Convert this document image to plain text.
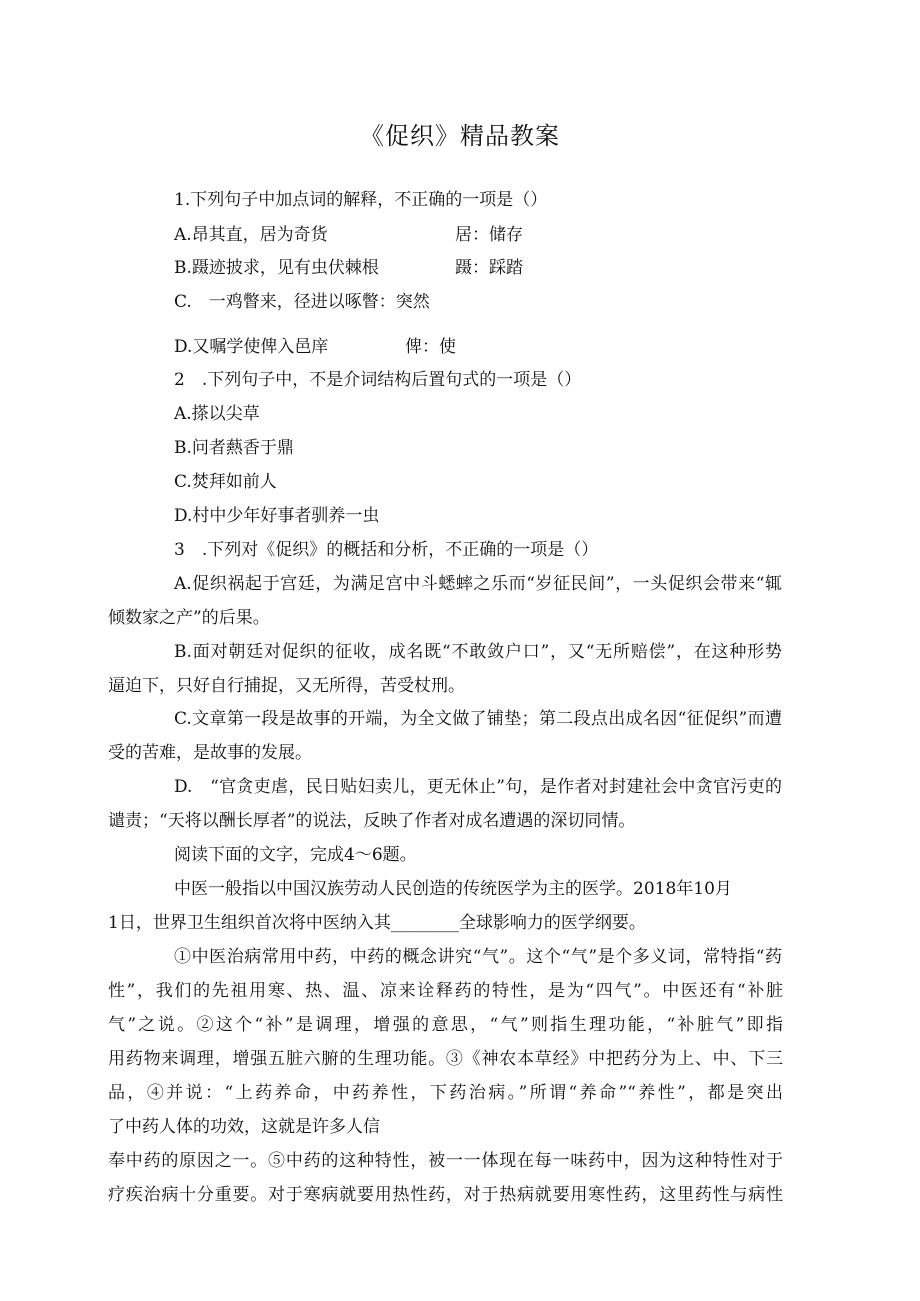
《促织》精品教案
1.下列句子中加点词的解释，不正确的一项是（）
A.昂其直，居为奇货	居：储存
B.蹑迹披求，见有虫伏棘根	蹑：踩踏
C.　一鸡瞥来，径进以啄瞥：突然
D.又嘱学使俾入邑庠	俾：使
2　.下列句子中，不是介词结构后置句式的一项是（）
A.搽以尖草
B.问者爇香于鼎
C.焚拜如前人
D.村中少年好事者驯养一虫
3　.下列对《促织》的概括和分析，不正确的一项是（）
A.促织祸起于宫廷，为满足宫中斗蟋蟀之乐而“岁征民间”，一头促织会带来“辄
倾数家之产”的后果。
B.面对朝廷对促织的征收，成名既“不敢敛户口”，又“无所赔偿”，在这种形势
逼迫下，只好自行捕捉，又无所得，苦受杖刑。
C.文章第一段是故事的开端，为全文做了铺垫；第二段点出成名因“征促织”而遭
受的苦难，是故事的发展。
D.　“官贪吏虐，民日贴妇卖儿，更无休止”句，是作者对封建社会中贪官污吏的
谴责；“天将以酬长厚者”的说法，反映了作者对成名遭遇的深切同情。
阅读下面的文字，完成4～6题。
中医一般指以中国汉族劳动人民创造的传统医学为主的医学。2018年10月
1日，世界卫生组织首次将中医纳入其________全球影响力的医学纲要。
①中医治病常用中药，中药的概念讲究“气”。这个“气”是个多义词，常特指“药
性”，我们的先祖用寒、热、温、凉来诠释药的特性，是为“四气”。中医还有“补脏
气”之说。②这个“补”是调理，增强的意思，“气”则指生理功能，“补脏气”即指
用药物来调理，增强五脏六腑的生理功能。③《神农本草经》中把药分为上、中、下三
品，④并说：“上药养命，中药养性，下药治病。”所谓“养命”“养性”，都是突出
了中药人体的功效，这就是许多人信
奉中药的原因之一。⑤中药的这种特性，被一一体现在每一味药中，因为这种特性对于
疗疾治病十分重要。对于寒病就要用热性药，对于热病就要用寒性药，这里药性与病性
